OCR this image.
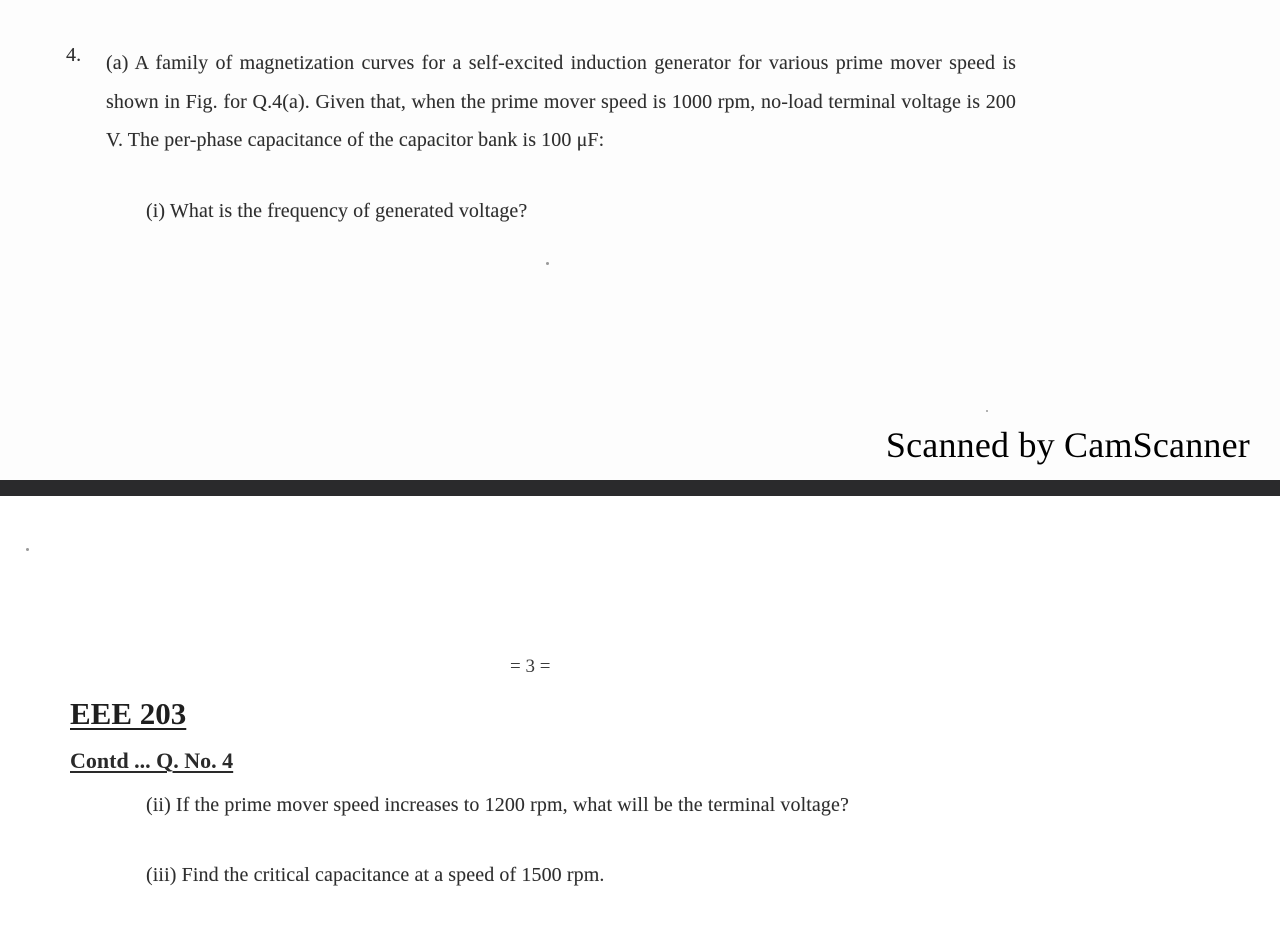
4. (a) A family of magnetization curves for a self-excited induction generator for various prime mover speed is shown in Fig. for Q.4(a). Given that, when the prime mover speed is 1000 rpm, no-load terminal voltage is 200 V. The per-phase capacitance of the capacitor bank is 100 μF:
(i) What is the frequency of generated voltage?
Scanned by CamScanner
= 3 =
EEE 203
Contd ... Q. No. 4
(ii) If the prime mover speed increases to 1200 rpm, what will be the terminal voltage?
(iii) Find the critical capacitance at a speed of 1500 rpm.
